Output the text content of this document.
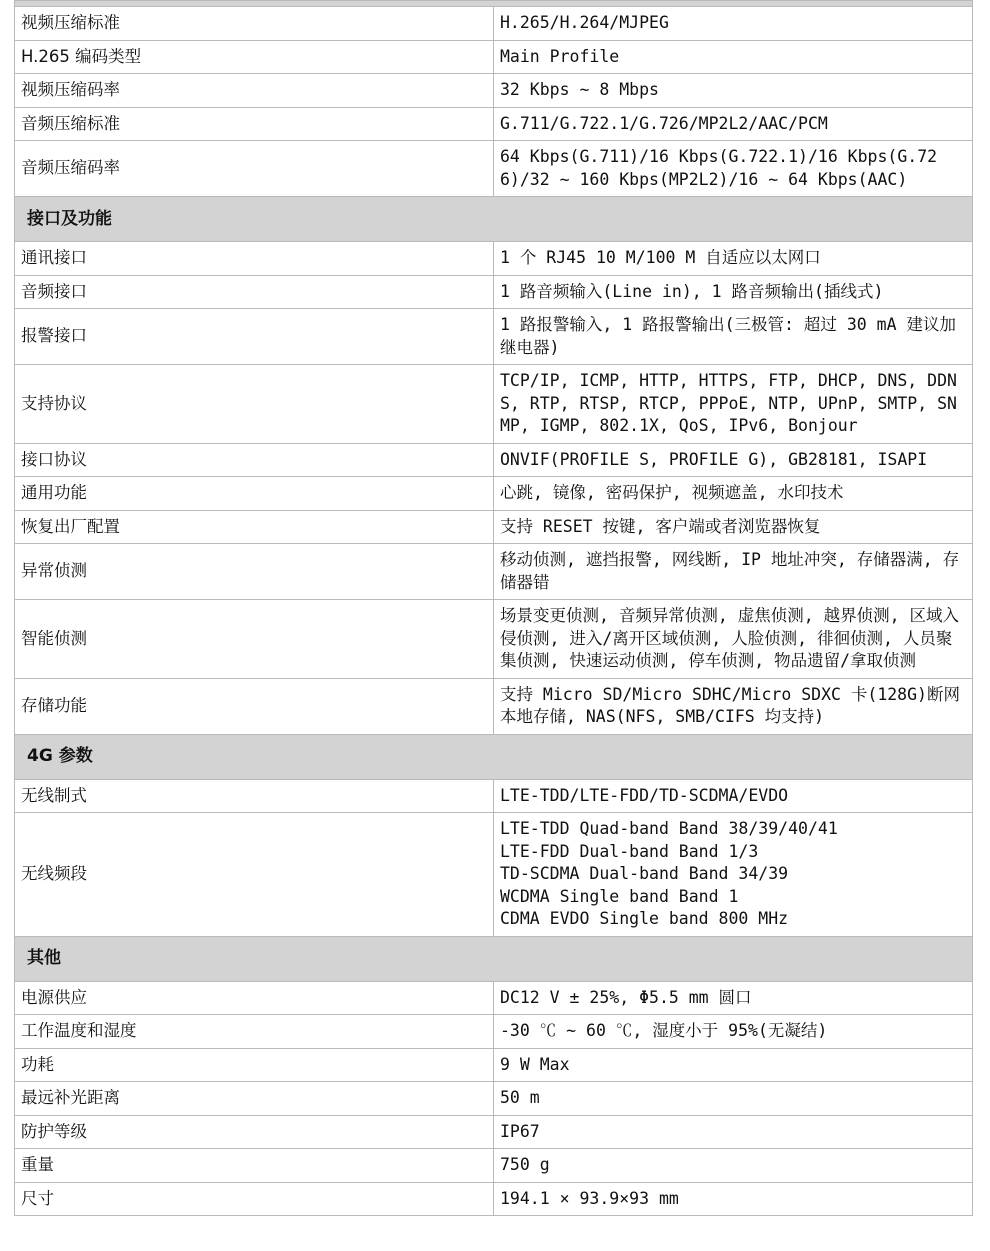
视频压缩标准	H.265/H.264/MJPEG
H.265 编码类型	Main Profile
视频压缩码率	32 Kbps ~ 8 Mbps
音频压缩标准	G.711/G.722.1/G.726/MP2L2/AAC/PCM
音频压缩码率	64 Kbps(G.711)/16 Kbps(G.722.1)/16 Kbps(G.726)/32 ~ 160 Kbps(MP2L2)/16 ~ 64 Kbps(AAC)
接口及功能	
通讯接口	1 个 RJ45 10 M/100 M 自适应以太网口
音频接口	1 路音频输入(Line in), 1 路音频输出(插线式)
报警接口	1 路报警输入, 1 路报警输出(三极管: 超过 30 mA 建议加继电器)
支持协议	TCP/IP, ICMP, HTTP, HTTPS, FTP, DHCP, DNS, DDNS, RTP, RTSP, RTCP, PPPoE, NTP, UPnP, SMTP, SNMP, IGMP, 802.1X, QoS, IPv6, Bonjour
接口协议	ONVIF(PROFILE S, PROFILE G), GB28181, ISAPI
通用功能	心跳, 镜像, 密码保护, 视频遮盖, 水印技术
恢复出厂配置	支持 RESET 按键, 客户端或者浏览器恢复
异常侦测	移动侦测, 遮挡报警, 网线断, IP 地址冲突, 存储器满, 存储器错
智能侦测	场景变更侦测, 音频异常侦测, 虚焦侦测, 越界侦测, 区域入侵侦测, 进入/离开区域侦测, 人脸侦测, 徘徊侦测, 人员聚集侦测, 快速运动侦测, 停车侦测, 物品遗留/拿取侦测
存储功能	支持 Micro SD/Micro SDHC/Micro SDXC 卡(128G)断网本地存储, NAS(NFS, SMB/CIFS 均支持)
4G 参数	
无线制式	LTE-TDD/LTE-FDD/TD-SCDMA/EVDO
无线频段	LTE-TDD Quad-band Band 38/39/40/41
LTE-FDD Dual-band Band 1/3
TD-SCDMA Dual-band Band 34/39
WCDMA Single band Band 1
CDMA EVDO Single band 800 MHz
其他	
电源供应	DC12 V ± 25%, Φ5.5 mm 圆口
工作温度和湿度	-30 ℃ ~ 60 ℃, 湿度小于 95%(无凝结)
功耗	9 W Max
最远补光距离	50 m
防护等级	IP67
重量	750 g
尺寸	194.1 × 93.9×93 mm
